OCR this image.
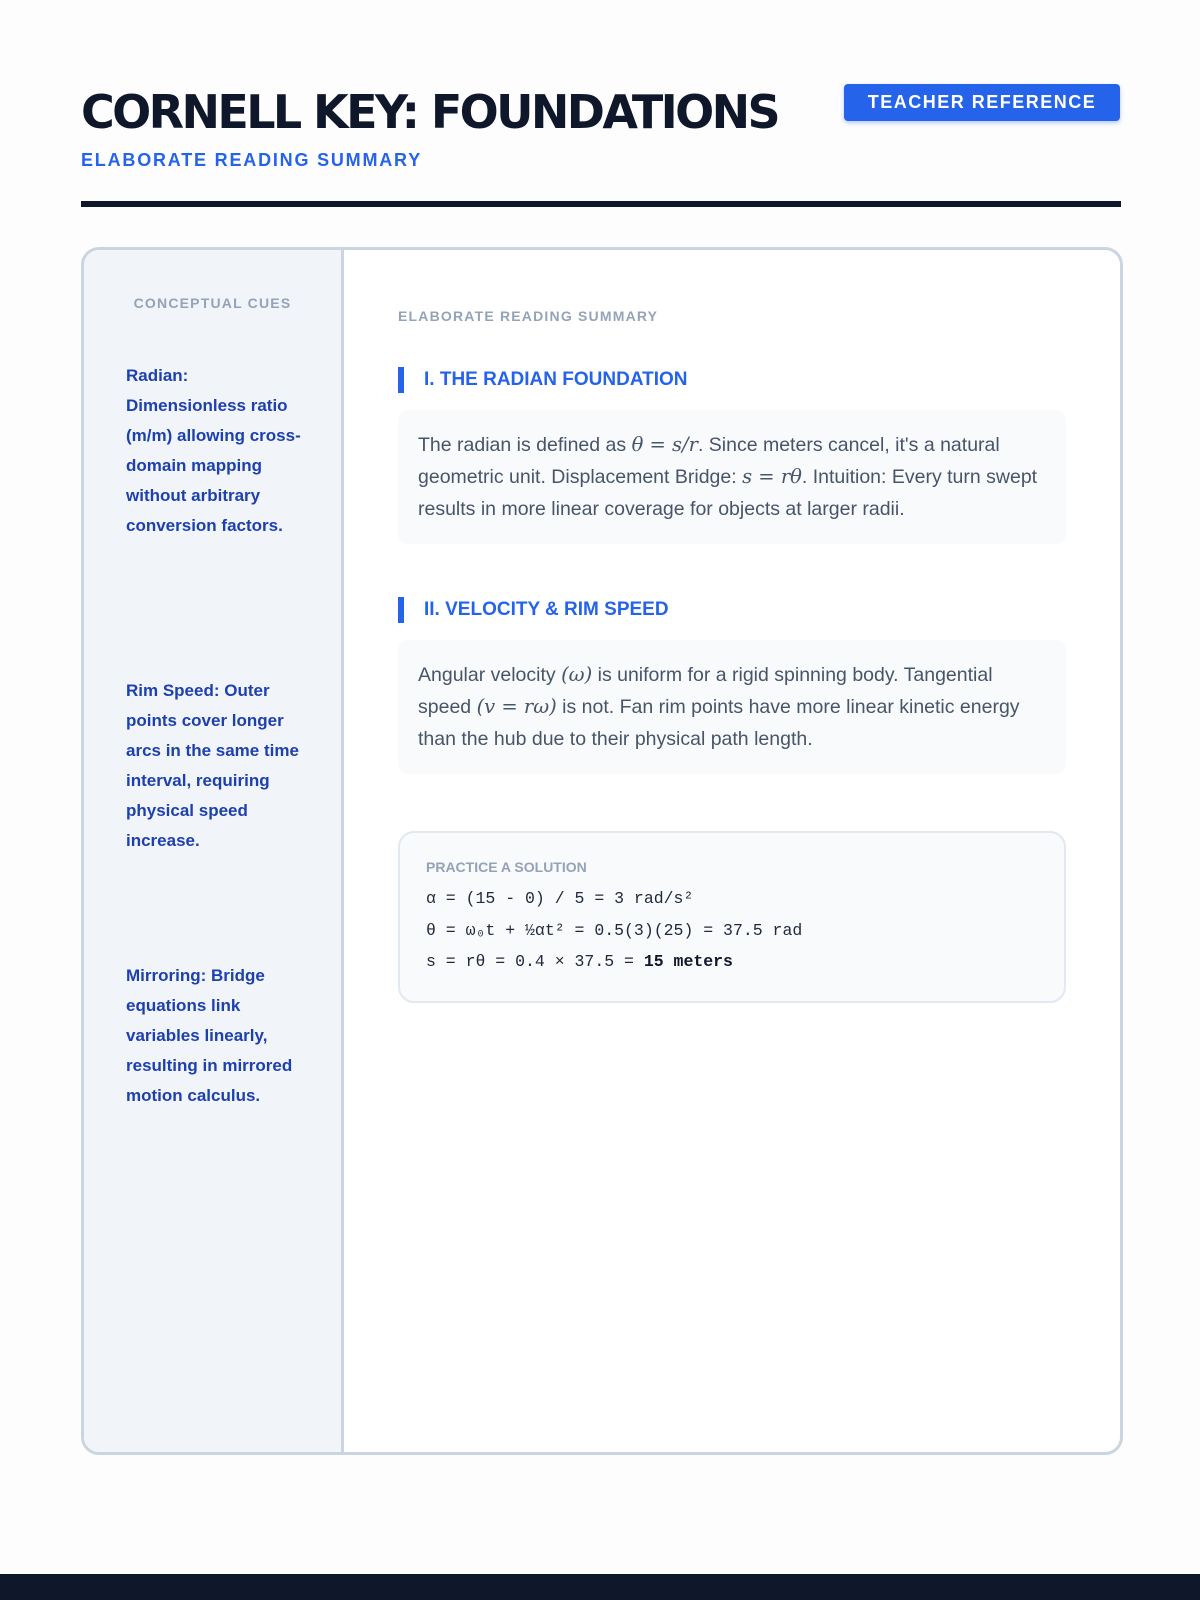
CORNELL KEY: FOUNDATIONS	TEACHER REFERENCE
ELABORATE READING SUMMARY
CONCEPTUAL CUES
Radian: Dimensionless ratio (m/m) allowing cross-domain mapping without arbitrary conversion factors.
Rim Speed: Outer points cover longer arcs in the same time interval, requiring physical speed increase.
Mirroring: Bridge equations link variables linearly, resulting in mirrored motion calculus.
ELABORATE READING SUMMARY
I. THE RADIAN FOUNDATION
The radian is defined as θ = s/r. Since meters cancel, it's a natural geometric unit. Displacement Bridge: s = rθ. Intuition: Every turn swept results in more linear coverage for objects at larger radii.
II. VELOCITY & RIM SPEED
Angular velocity (ω) is uniform for a rigid spinning body. Tangential speed (v = rω) is not. Fan rim points have more linear kinetic energy than the hub due to their physical path length.
PRACTICE A SOLUTION
α = (15 - 0) / 5 = 3 rad/s²
θ = ω₀t + ½αt² = 0.5(3)(25) = 37.5 rad
s = rθ = 0.4 × 37.5 = 15 meters
